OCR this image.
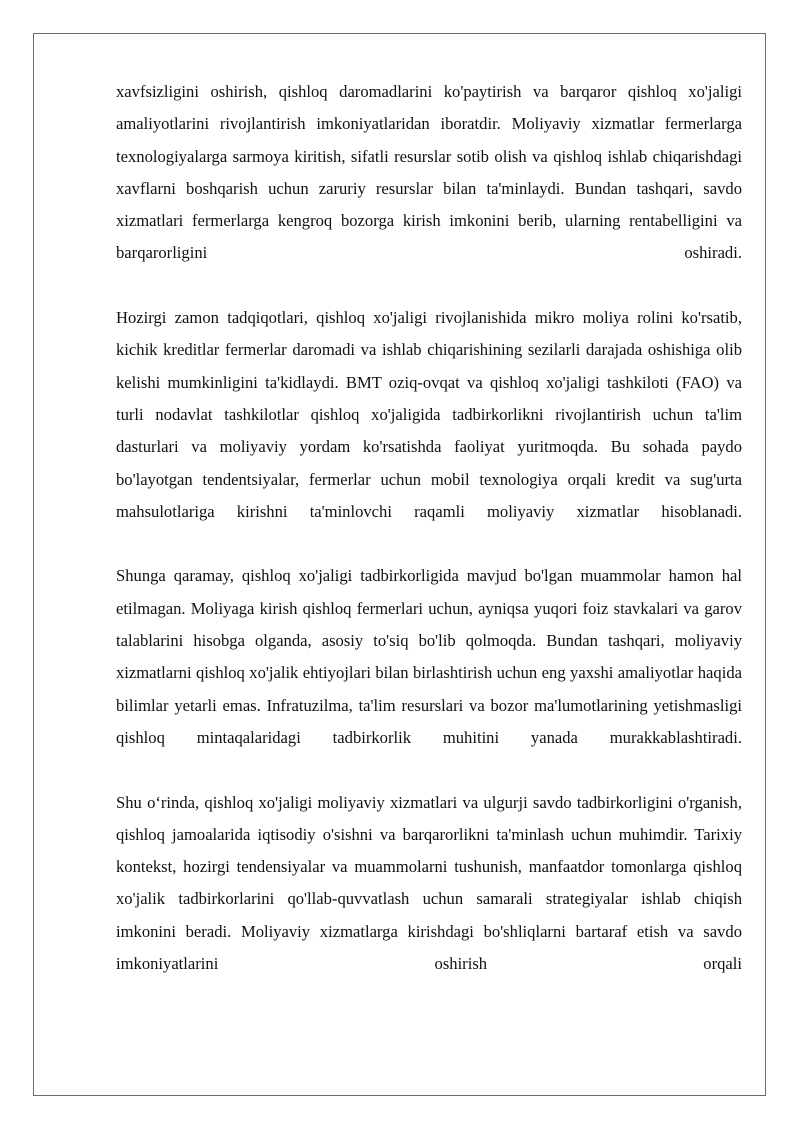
xavfsizligini oshirish, qishloq daromadlarini ko'paytirish va barqaror qishloq xo'jaligi amaliyotlarini rivojlantirish imkoniyatlaridan iboratdir. Moliyaviy xizmatlar fermerlarga texnologiyalarga sarmoya kiritish, sifatli resurslar sotib olish va qishloq ishlab chiqarishdagi xavflarni boshqarish uchun zaruriy resurslar bilan ta'minlaydi. Bundan tashqari, savdo xizmatlari fermerlarga kengroq bozorga kirish imkonini berib, ularning rentabelligini va barqarorligini oshiradi.

Hozirgi zamon tadqiqotlari, qishloq xo'jaligi rivojlanishida mikro moliya rolini ko'rsatib, kichik kreditlar fermerlar daromadi va ishlab chiqarishining sezilarli darajada oshishiga olib kelishi mumkinligini ta'kidlaydi. BMT oziq-ovqat va qishloq xo'jaligi tashkiloti (FAO) va turli nodavlat tashkilotlar qishloq xo'jaligida tadbirkorlikni rivojlantirish uchun ta'lim dasturlari va moliyaviy yordam ko'rsatishda faoliyat yuritmoqda. Bu sohada paydo bo'layotgan tendentsiyalar, fermerlar uchun mobil texnologiya orqali kredit va sug'urta mahsulotlariga kirishni ta'minlovchi raqamli moliyaviy xizmatlar hisoblanadi.

Shunga qaramay, qishloq xo'jaligi tadbirkorligida mavjud bo'lgan muammolar hamon hal etilmagan. Moliyaga kirish qishloq fermerlari uchun, ayniqsa yuqori foiz stavkalari va garov talablarini hisobga olganda, asosiy to'siq bo'lib qolmoqda. Bundan tashqari, moliyaviy xizmatlarni qishloq xo'jalik ehtiyojlari bilan birlashtirish uchun eng yaxshi amaliyotlar haqida bilimlar yetarli emas. Infratuzilma, ta'lim resurslari va bozor ma'lumotlarining yetishmasligi qishloq mintaqalaridagi tadbirkorlik muhitini yanada murakkablashtiradi.

Shu o‘rinda, qishloq xo'jaligi moliyaviy xizmatlari va ulgurji savdo tadbirkorligini o'rganish, qishloq jamoalarida iqtisodiy o'sishni va barqarorlikni ta'minlash uchun muhimdir. Tarixiy kontekst, hozirgi tendensiyalar va muammolarni tushunish, manfaatdor tomonlarga qishloq xo'jalik tadbirkorlarini qo'llab-quvvatlash uchun samarali strategiyalar ishlab chiqish imkonini beradi. Moliyaviy xizmatlarga kirishdagi bo'shliqlarni bartaraf etish va savdo imkoniyatlarini oshirish orqali
